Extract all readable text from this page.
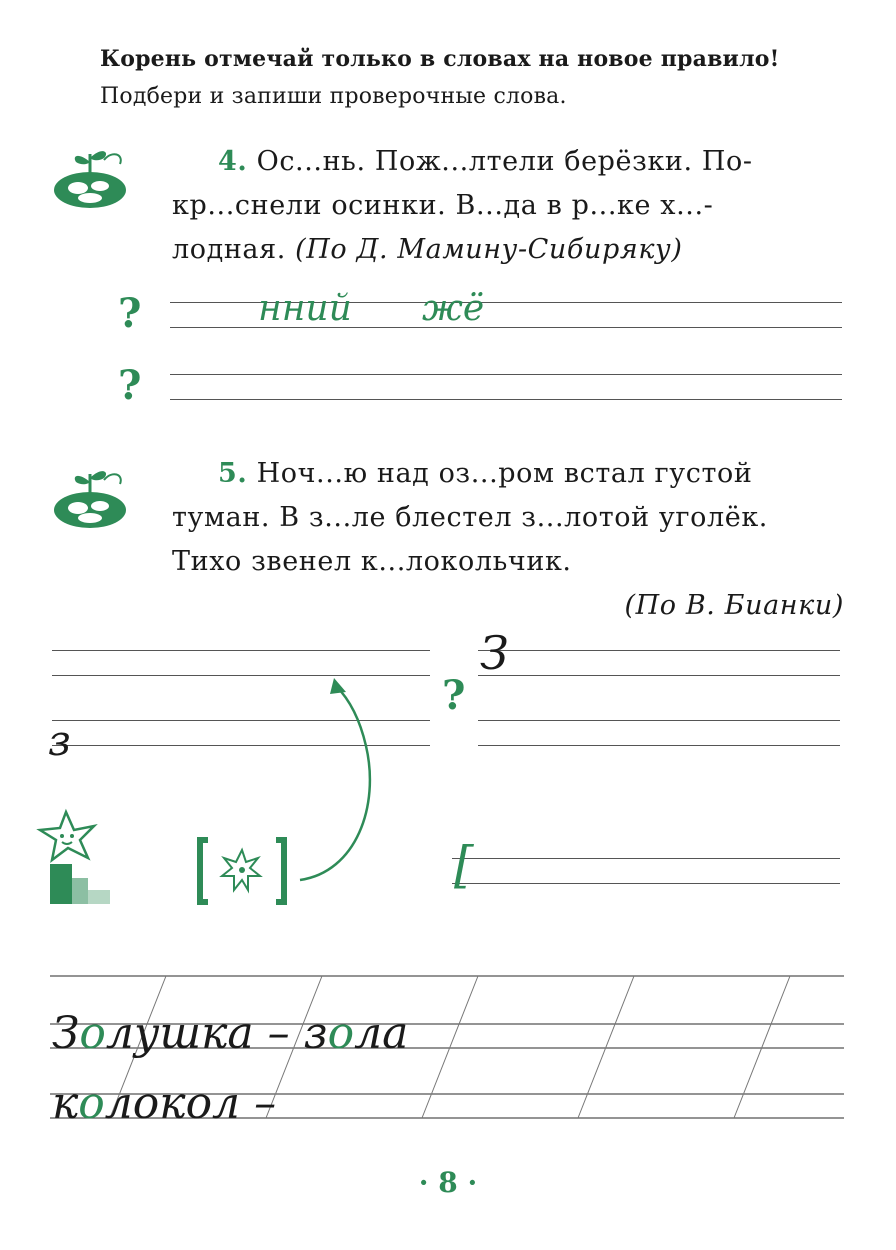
Корень отмечай только в словах на новое правило!
Подбери и запиши проверочные слова.
4. Ос...нь. Пож...лтели берёзки. По-
кр...снели осинки. В...да в р...ке х...-
лодная. (По Д. Мамину-Сибиряку)
?	нний жё
?
5. Ноч...ю над оз...ром встал густой
туман. В з...ле блестел з...лотой уголёк.
Тихо звенел к...локольчик.
(По В. Бианки)
з
?
З
[
Золушка – зола
колокол –
· 8 ·
